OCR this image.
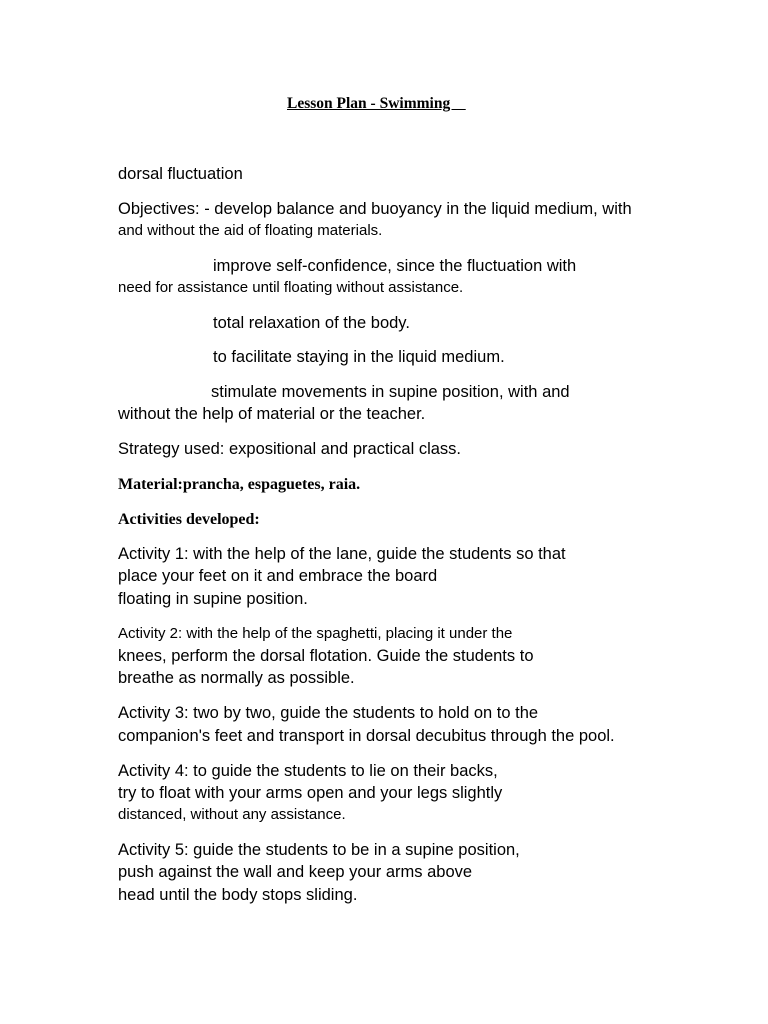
Lesson Plan - Swimming
dorsal fluctuation
Objectives: - develop balance and buoyancy in the liquid medium, with
and without the aid of floating materials.
improve self-confidence, since the fluctuation with
need for assistance until floating without assistance.
total relaxation of the body.
to facilitate staying in the liquid medium.
stimulate movements in supine position, with and
without the help of material or the teacher.
Strategy used: expositional and practical class.
Material:prancha, espaguetes, raia.
Activities developed:
Activity 1: with the help of the lane, guide the students so that
place your feet on it and embrace the board
floating in supine position.
Activity 2: with the help of the spaghetti, placing it under the
knees, perform the dorsal flotation. Guide the students to
breathe as normally as possible.
Activity 3: two by two, guide the students to hold on to the
companion's feet and transport in dorsal decubitus through the pool.
Activity 4: to guide the students to lie on their backs,
try to float with your arms open and your legs slightly
distanced, without any assistance.
Activity 5: guide the students to be in a supine position,
push against the wall and keep your arms above
head until the body stops sliding.
